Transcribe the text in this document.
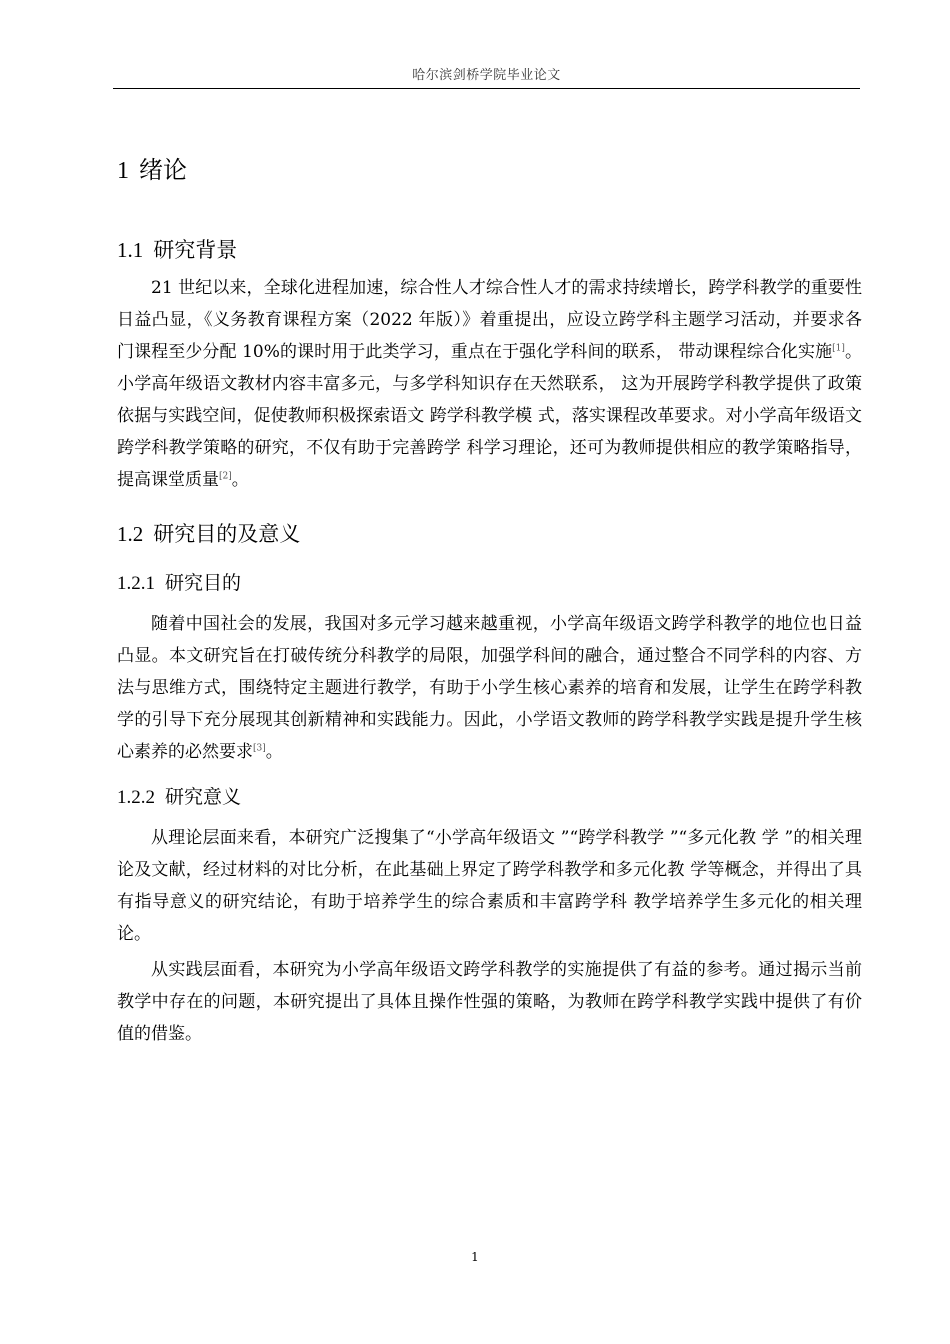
哈尔滨剑桥学院毕业论文
1 绪论
1.1 研究背景

21 世纪以来，全球化进程加速，综合性人才综合性人才的需求持续增长，跨学科教学的重要性日益凸显，《义务教育课程方案（2022 年版）》着重提出，应设立跨学科主题学习活动，并要求各门课程至少分配 10%的课时用于此类学习，重点在于强化学科间的联系， 带动课程综合化实施[1]。小学高年级语文教材内容丰富多元，与多学科知识存在天然联系， 这为开展跨学科教学提供了政策依据与实践空间，促使教师积极探索语文 跨学科教学模 式，落实课程改革要求。对小学高年级语文跨学科教学策略的研究，不仅有助于完善跨学 科学习理论，还可为教师提供相应的教学策略指导，提高课堂质量[2]。

1.2 研究目的及意义
1.2.1 研究目的

随着中国社会的发展，我国对多元学习越来越重视，小学高年级语文跨学科教学的地位也日益凸显。本文研究旨在打破传统分科教学的局限，加强学科间的融合，通过整合不同学科的内容、方法与思维方式，围绕特定主题进行教学，有助于小学生核心素养的培育和发展，让学生在跨学科教学的引导下充分展现其创新精神和实践能力。因此，小学语文教师的跨学科教学实践是提升学生核心素养的必然要求[3]。

1.2.2 研究意义

从理论层面来看，本研究广泛搜集了“小学高年级语文 ”“跨学科教学 ”“多元化教 学 ”的相关理论及文献，经过材料的对比分析，在此基础上界定了跨学科教学和多元化教 学等概念，并得出了具有指导意义的研究结论，有助于培养学生的综合素质和丰富跨学科 教学培养学生多元化的相关理论。

从实践层面看，本研究为小学高年级语文跨学科教学的实施提供了有益的参考。通过揭示当前教学中存在的问题，本研究提出了具体且操作性强的策略，为教师在跨学科教学实践中提供了有价值的借鉴。

1
